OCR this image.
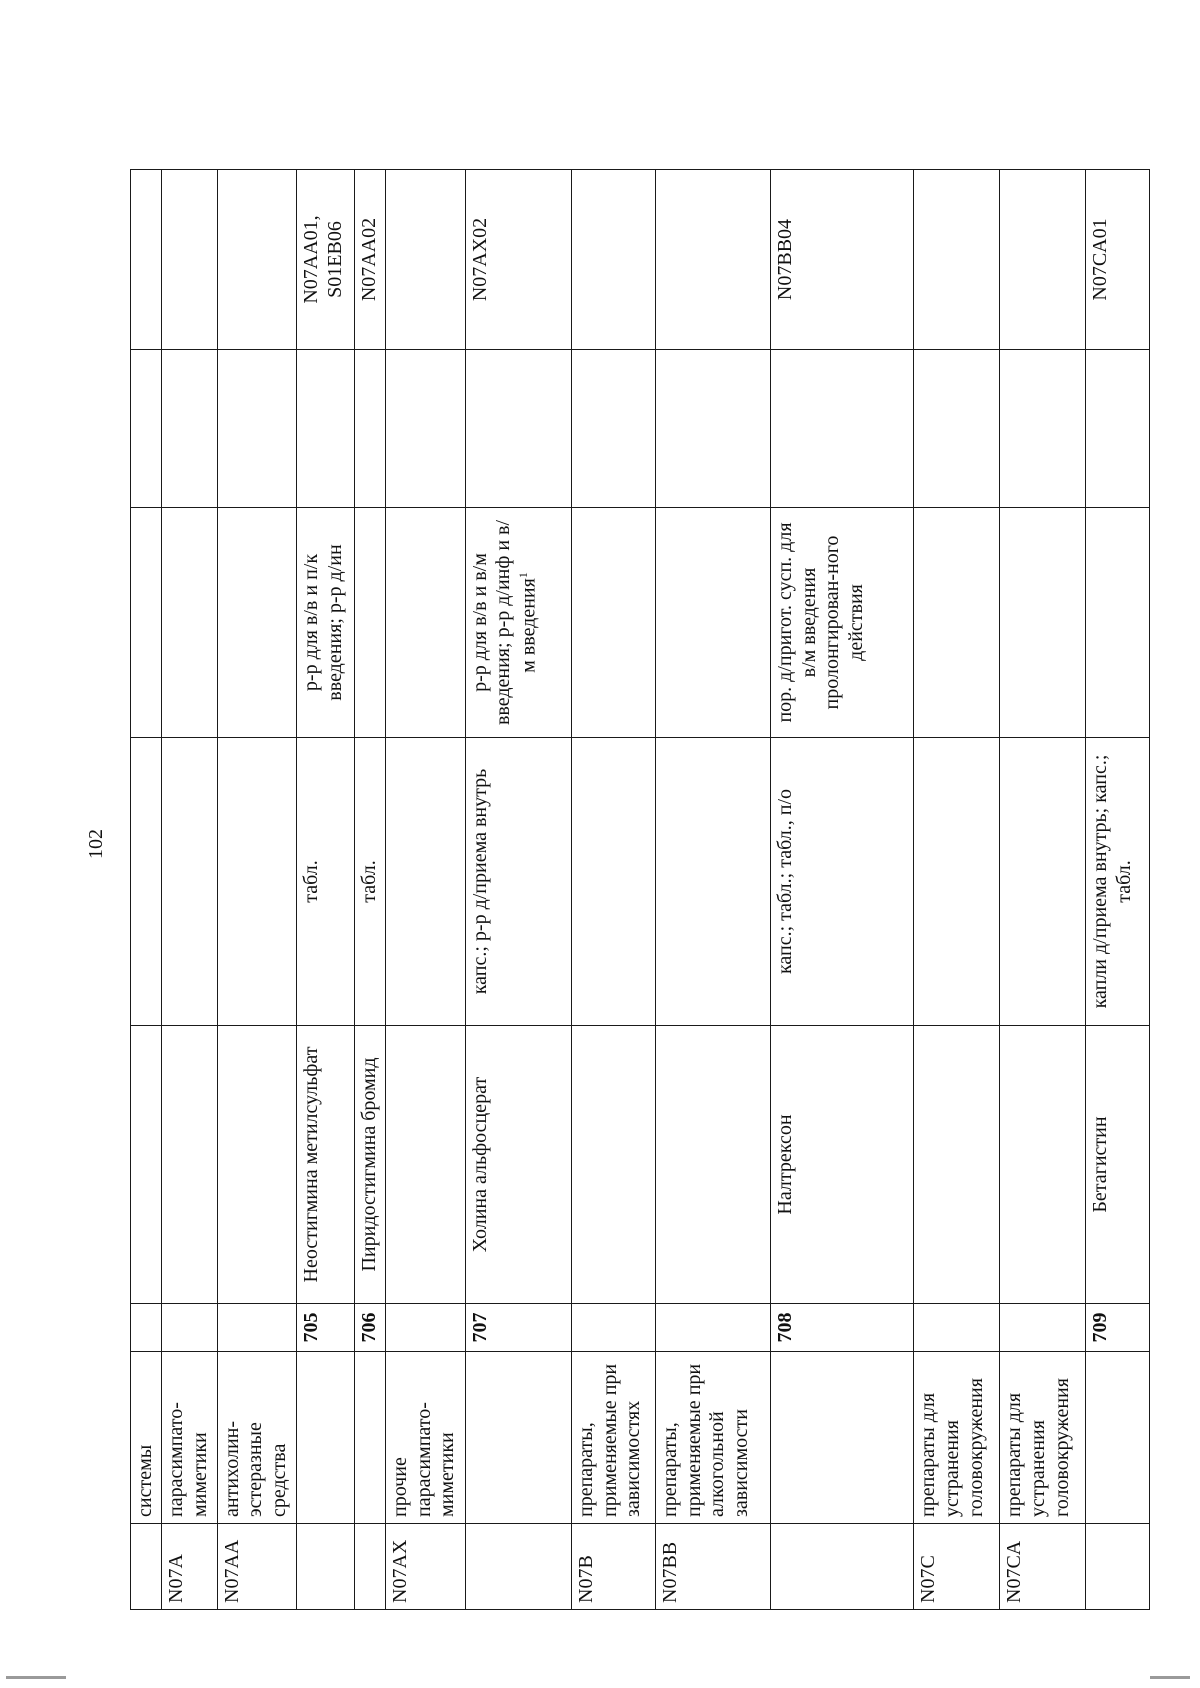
102
	системы						
N07A	парасимпато-миметики						
N07AA	антихолин-эстеразные средства						
		705	Неостигмина метилсульфат	табл.	р-р для в/в и п/к введения; р-р д/ин		N07AA01, S01EB06
		706	Пиридостигмина бромид	табл.			N07AA02
N07AX	прочие парасимпато-миметики						
		707	Холина альфосцерат	капс.; р-р д/приема внутрь	р-р для в/в и в/м введения; р-р д/инф и в/м введения$^1$		N07AX02
N07B	препараты, применяемые при зависимостях						
N07BB	препараты, применяемые при алкогольной зависимости						
		708	Налтрексон	капс.; табл.; табл., п/о	пор. д/пригот. сусп. для в/м введения пролонгирован-ного действия		N07BB04
N07C	препараты для устранения головокружения						
N07CA	препараты для устранения головокружения						
		709	Бетагистин	капли д/приема внутрь; капс.; табл.			N07CA01
